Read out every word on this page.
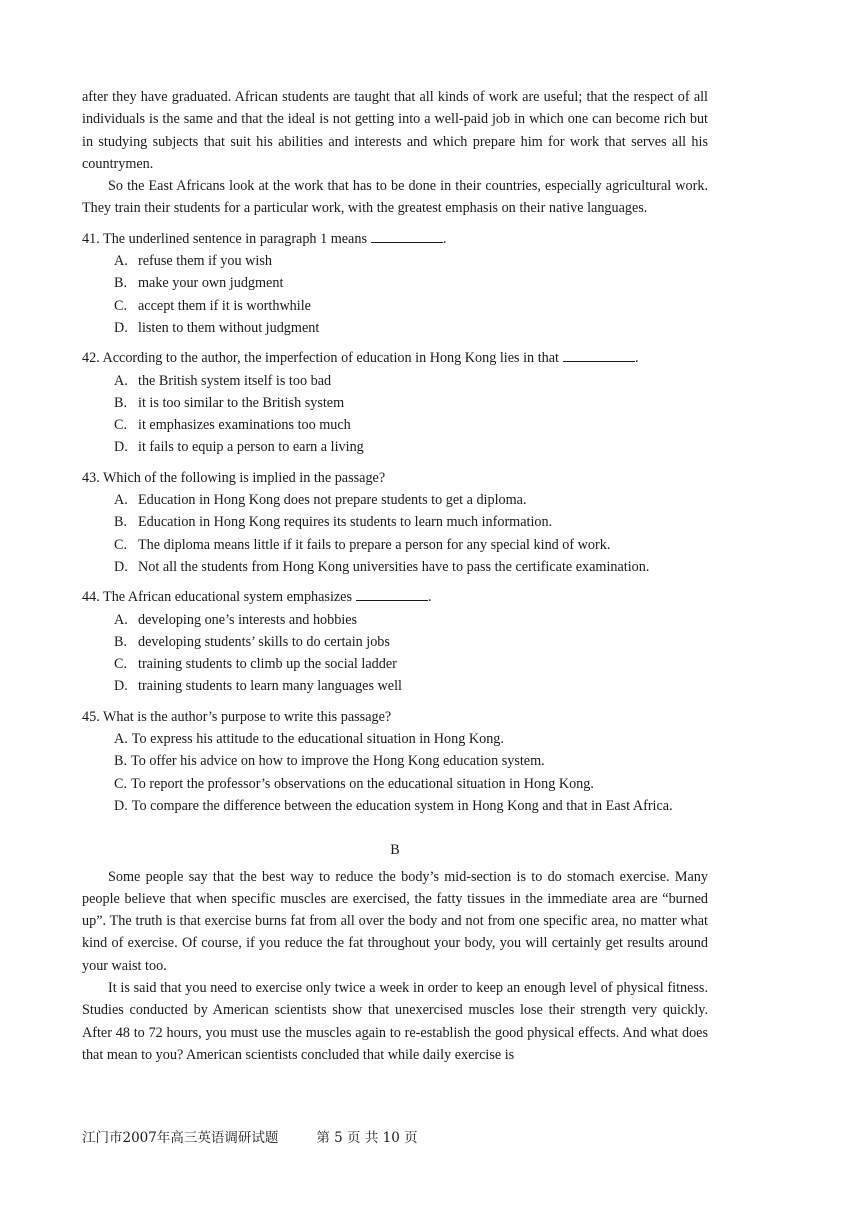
after they have graduated. African students are taught that all kinds of work are useful; that the respect of all individuals is the same and that the ideal is not getting into a well-paid job in which one can become rich but in studying subjects that suit his abilities and interests and which prepare him for work that serves all his countrymen.

So the East Africans look at the work that has to be done in their countries, especially agricultural work. They train their students for a particular work, with the greatest emphasis on their native languages.

41. The underlined sentence in paragraph 1 means	.

A. refuse them if you wish
B. make your own judgment
C. accept them if it is worthwhile
D. listen to them without judgment

42. According to the author, the imperfection of education in Hong Kong lies in that	.

A. the British system itself is too bad
B. it is too similar to the British system
C. it emphasizes examinations too much
D. it fails to equip a person to earn a living

43. Which of the following is implied in the passage?

A. Education in Hong Kong does not prepare students to get a diploma.
B. Education in Hong Kong requires its students to learn much information.
C. The diploma means little if it fails to prepare a person for any special kind of work.
D. Not all the students from Hong Kong universities have to pass the certificate examination.

44. The African educational system emphasizes	.

A. developing one’s interests and hobbies
B. developing students’ skills to do certain jobs
C. training students to climb up the social ladder
D. training students to learn many languages well

45. What is the author’s purpose to write this passage?

A. To express his attitude to the educational situation in Hong Kong.
B. To offer his advice on how to improve the Hong Kong education system.
C. To report the professor’s observations on the educational situation in Hong Kong.
D. To compare the difference between the education system in Hong Kong and that in East Africa.
B

Some people say that the best way to reduce the body’s mid-section is to do stomach exercise. Many people believe that when specific muscles are exercised, the fatty tissues in the immediate area are “burned up”. The truth is that exercise burns fat from all over the body and not from one specific area, no matter what kind of exercise. Of course, if you reduce the fat throughout your body, you will certainly get results around your waist too.

It is said that you need to exercise only twice a week in order to keep an enough level of physical fitness. Studies conducted by American scientists show that unexercised muscles lose their strength very quickly. After 48 to 72 hours, you must use the muscles again to re-establish the good physical effects. And what does that mean to you? American scientists concluded that while daily exercise is

江门市2007年高三英语调研试题	第 5 页 共 10 页
